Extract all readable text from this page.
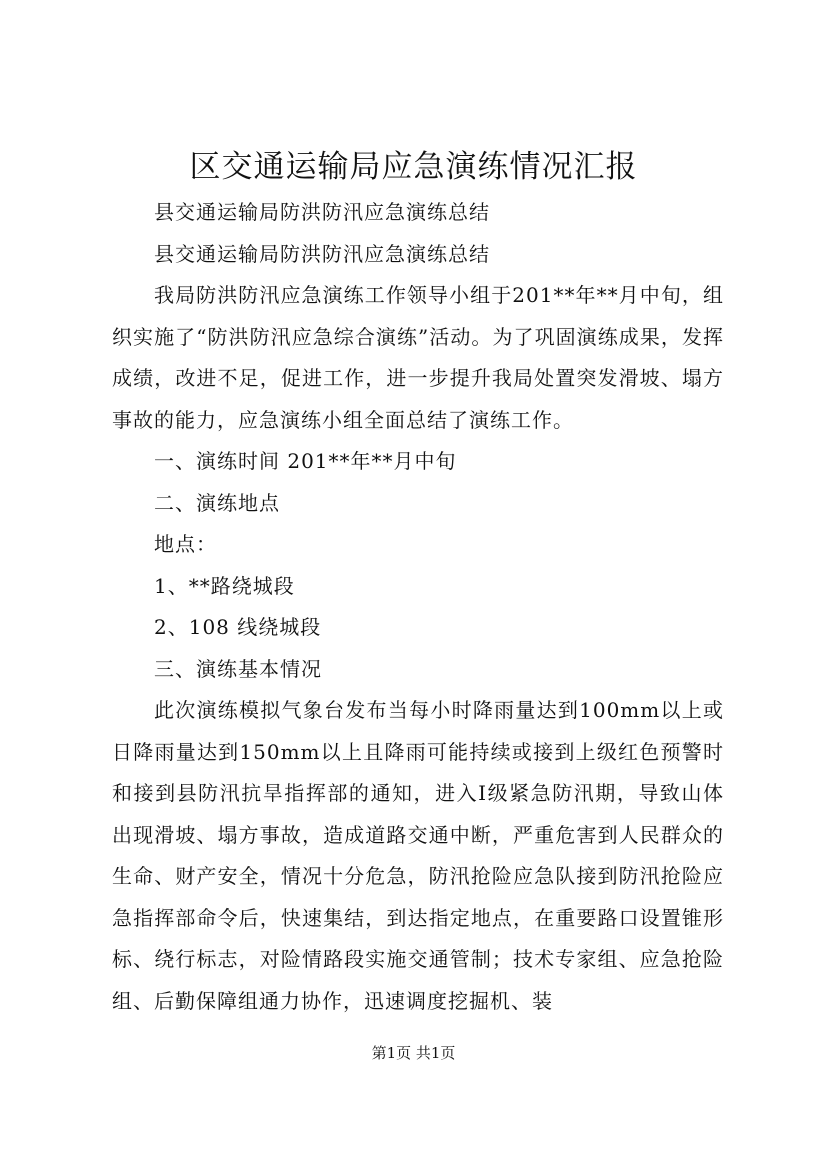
区交通运输局应急演练情况汇报

县交通运输局防洪防汛应急演练总结

县交通运输局防洪防汛应急演练总结

我局防洪防汛应急演练工作领导小组于201**年**月中旬，组织实施了“防洪防汛应急综合演练”活动。为了巩固演练成果，发挥成绩，改进不足，促进工作，进一步提升我局处置突发滑坡、塌方事故的能力，应急演练小组全面总结了演练工作。

一、演练时间 201**年**月中旬

二、演练地点

地点：

1、**路绕城段

2、108 线绕城段

三、演练基本情况

此次演练模拟气象台发布当每小时降雨量达到100mm以上或日降雨量达到150mm以上且降雨可能持续或接到上级红色预警时和接到县防汛抗旱指挥部的通知，进入Ⅰ级紧急防汛期，导致山体出现滑坡、塌方事故，造成道路交通中断，严重危害到人民群众的生命、财产安全，情况十分危急，防汛抢险应急队接到防汛抢险应急指挥部命令后，快速集结，到达指定地点，在重要路口设置锥形标、绕行标志，对险情路段实施交通管制；技术专家组、应急抢险组、后勤保障组通力协作，迅速调度挖掘机、装

第1页 共1页
